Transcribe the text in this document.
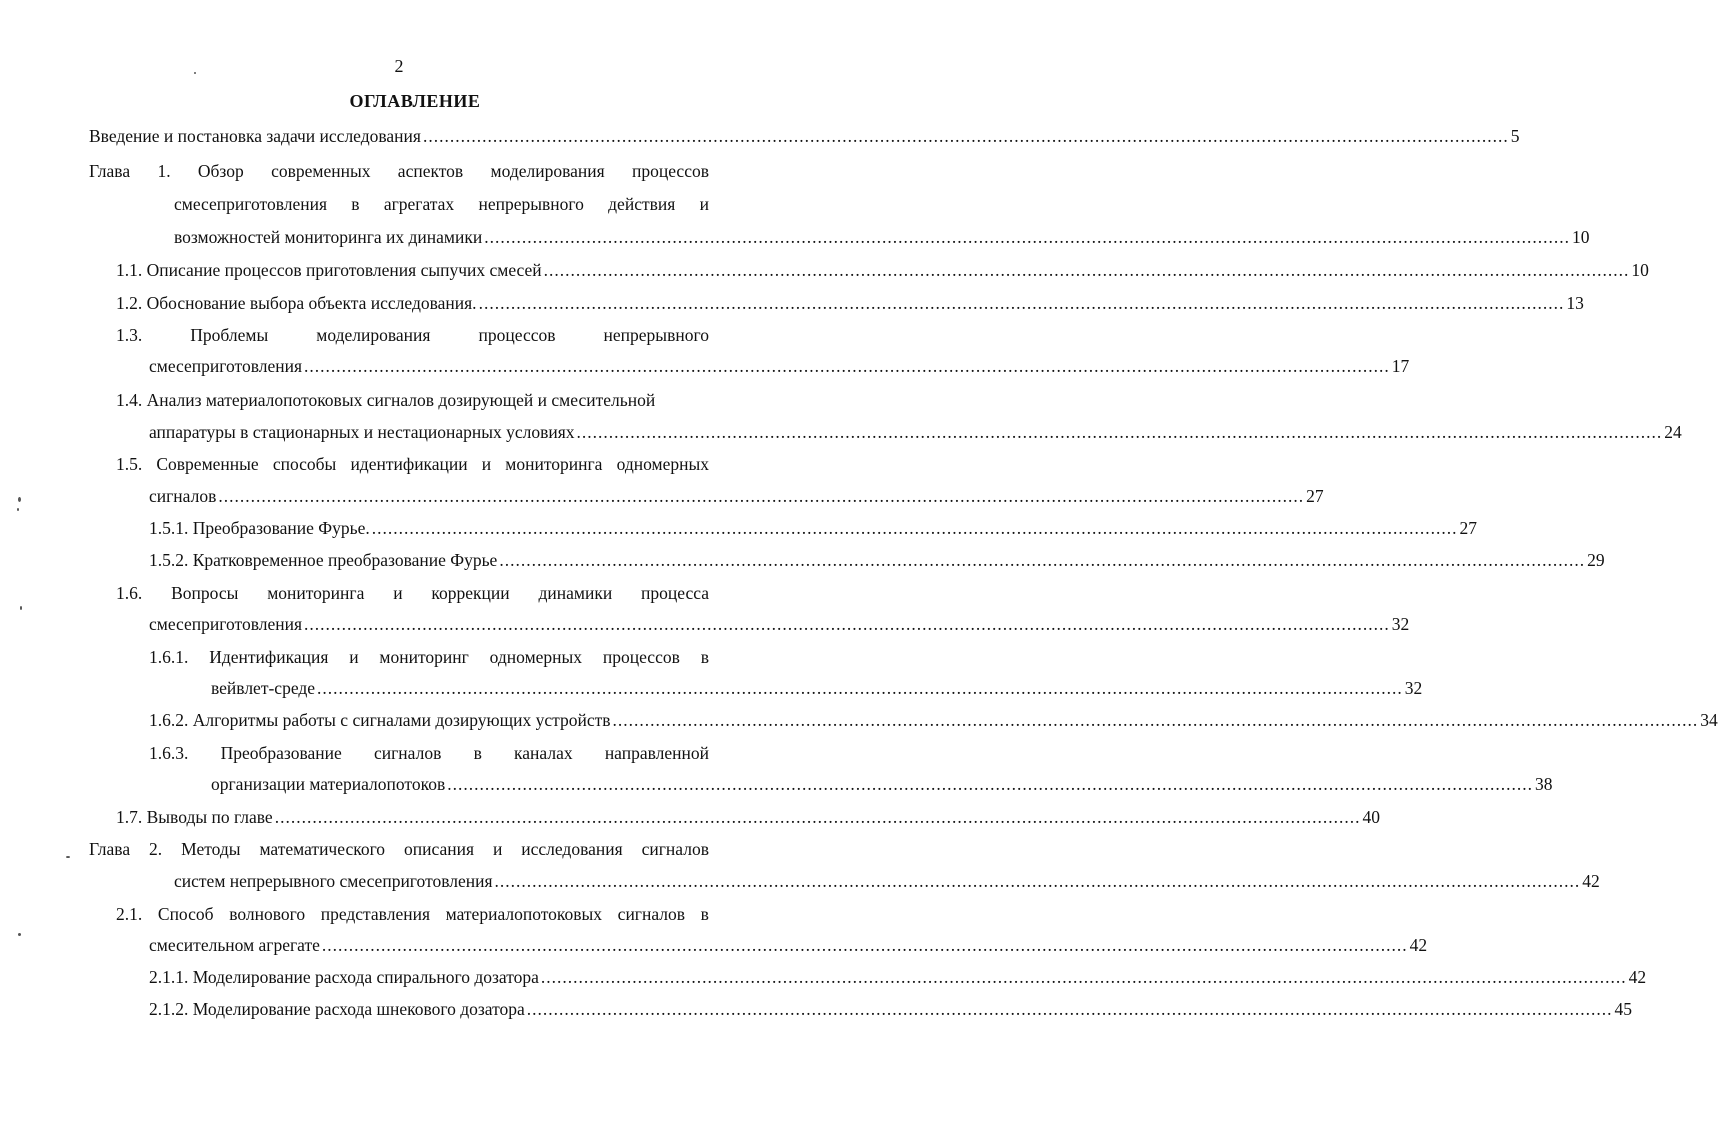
2
ОГЛАВЛЕНИЕ
Введение и постановка задачи исследования .......................................................................................................................................................................................................... 5
Глава 1. Обзор современных аспектов моделирования процессов
смесеприготовления в агрегатах непрерывного действия и
возможностей мониторинга их динамики .......................................................................................................................................................................................................... 10
1.1. Описание процессов приготовления сыпучих смесей .......................................................................................................................................................................................................... 10
1.2. Обоснование выбора объекта исследования. .......................................................................................................................................................................................................... 13
1.3.	Проблемы	моделирования	процессов	непрерывного
смесеприготовления .......................................................................................................................................................................................................... 17
1.4. Анализ материалопотоковых сигналов дозирующей и смесительной
аппаратуры в стационарных и нестационарных условиях .......................................................................................................................................................................................................... 24
1.5. Современные способы идентификации и мониторинга одномерных
сигналов .......................................................................................................................................................................................................... 27
1.5.1. Преобразование Фурье. .......................................................................................................................................................................................................... 27
1.5.2. Кратковременное преобразование Фурье .......................................................................................................................................................................................................... 29
1.6. Вопросы мониторинга и коррекции динамики процесса
смесеприготовления .......................................................................................................................................................................................................... 32
1.6.1. Идентификация и мониторинг одномерных процессов в
вейвлет-среде .......................................................................................................................................................................................................... 32
1.6.2. Алгоритмы работы с сигналами дозирующих устройств .......................................................................................................................................................................................................... 34
1.6.3. Преобразование сигналов в каналах направленной
организации материалопотоков .......................................................................................................................................................................................................... 38
1.7. Выводы по главе .......................................................................................................................................................................................................... 40
Глава 2. Методы математического описания и исследования сигналов
систем непрерывного смесеприготовления .......................................................................................................................................................................................................... 42
2.1. Способ волнового представления материалопотоковых сигналов в
смесительном агрегате .......................................................................................................................................................................................................... 42
2.1.1. Моделирование расхода спирального дозатора .......................................................................................................................................................................................................... 42
2.1.2. Моделирование расхода шнекового дозатора .......................................................................................................................................................................................................... 45
